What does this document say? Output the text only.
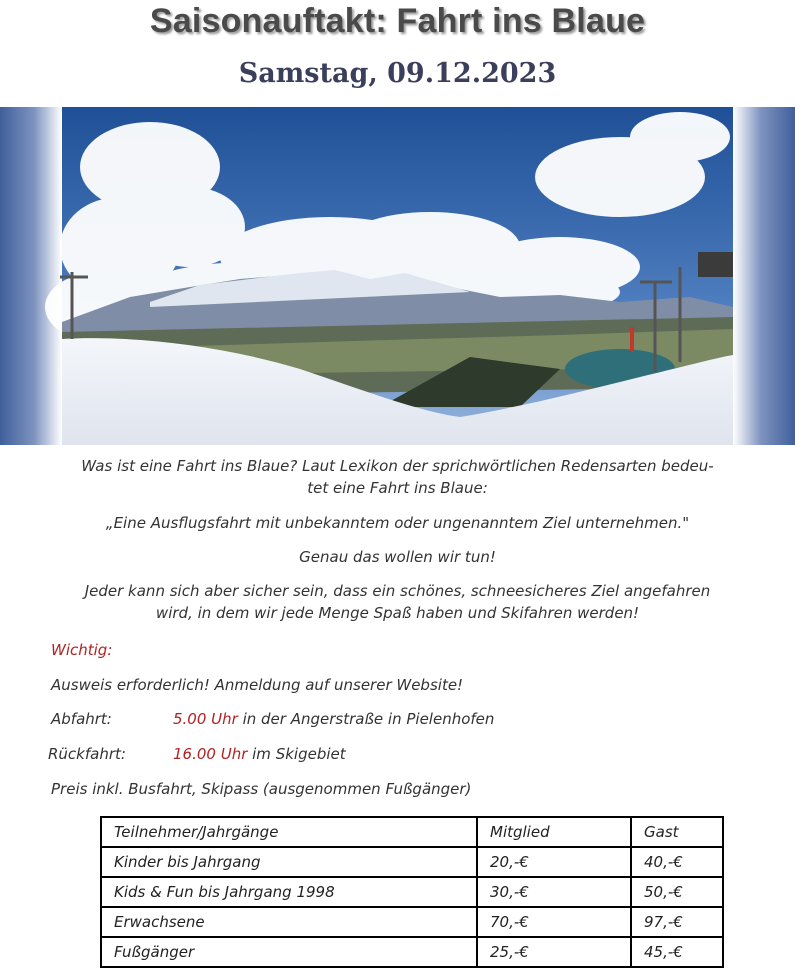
Saisonauftakt: Fahrt ins Blaue
Samstag, 09.12.2023
Was ist eine Fahrt ins Blaue? Laut Lexikon der sprichwörtlichen Redensarten bedeu-
tet eine Fahrt ins Blaue:
„Eine Ausflugsfahrt mit unbekanntem oder ungenanntem Ziel unternehmen."
Genau das wollen wir tun!
Jeder kann sich aber sicher sein, dass ein schönes, schneesicheres Ziel angefahren
wird, in dem wir jede Menge Spaß haben und Skifahren werden!
Wichtig:
Ausweis erforderlich! Anmeldung auf unserer Website!
Abfahrt:	5.00 Uhr in der Angerstraße in Pielenhofen
Rückfahrt:	16.00 Uhr im Skigebiet
Preis inkl. Busfahrt, Skipass (ausgenommen Fußgänger)
Teilnehmer/Jahrgänge	Mitglied	Gast
Kinder bis Jahrgang	20,-€	40,-€
Kids & Fun bis Jahrgang 1998	30,-€	50,-€
Erwachsene	70,-€	97,-€
Fußgänger	25,-€	45,-€
